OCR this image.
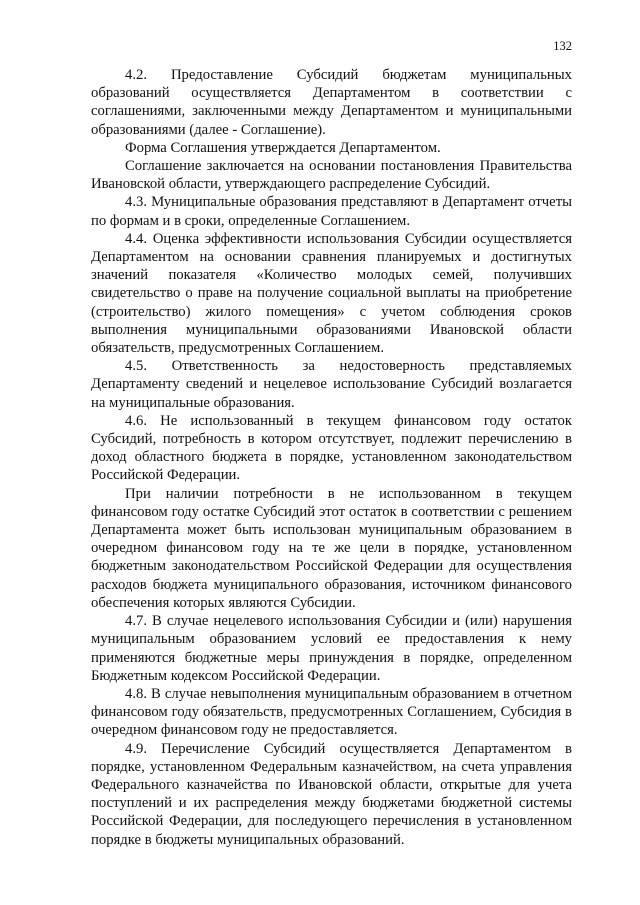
132

4.2. Предоставление Субсидий бюджетам муниципальных образований осуществляется Департаментом в соответствии с соглашениями, заключенными между Департаментом и муниципальными образованиями (далее - Соглашение).

Форма Соглашения утверждается Департаментом.

Соглашение заключается на основании постановления Правительства Ивановской области, утверждающего распределение Субсидий.

4.3. Муниципальные образования представляют в Департамент отчеты по формам и в сроки, определенные Соглашением.

4.4. Оценка эффективности использования Субсидии осуществляется Департаментом на основании сравнения планируемых и достигнутых значений показателя «Количество молодых семей, получивших свидетельство о праве на получение социальной выплаты на приобретение (строительство) жилого помещения» с учетом соблюдения сроков выполнения муниципальными образованиями Ивановской области обязательств, предусмотренных Соглашением.

4.5. Ответственность за недостоверность представляемых Департаменту сведений и нецелевое использование Субсидий возлагается на муниципальные образования.

4.6. Не использованный в текущем финансовом году остаток Субсидий, потребность в котором отсутствует, подлежит перечислению в доход областного бюджета в порядке, установленном законодательством Российской Федерации.

При наличии потребности в не использованном в текущем финансовом году остатке Субсидий этот остаток в соответствии с решением Департамента может быть использован муниципальным образованием в очередном финансовом году на те же цели в порядке, установленном бюджетным законодательством Российской Федерации для осуществления расходов бюджета муниципального образования, источником финансового обеспечения которых являются Субсидии.

4.7. В случае нецелевого использования Субсидии и (или) нарушения муниципальным образованием условий ее предоставления к нему применяются бюджетные меры принуждения в порядке, определенном Бюджетным кодексом Российской Федерации.

4.8. В случае невыполнения муниципальным образованием в отчетном финансовом году обязательств, предусмотренных Соглашением, Субсидия в очередном финансовом году не предоставляется.

4.9. Перечисление Субсидий осуществляется Департаментом в порядке, установленном Федеральным казначейством, на счета управления Федерального казначейства по Ивановской области, открытые для учета поступлений и их распределения между бюджетами бюджетной системы Российской Федерации, для последующего перечисления в установленном порядке в бюджеты муниципальных образований.
